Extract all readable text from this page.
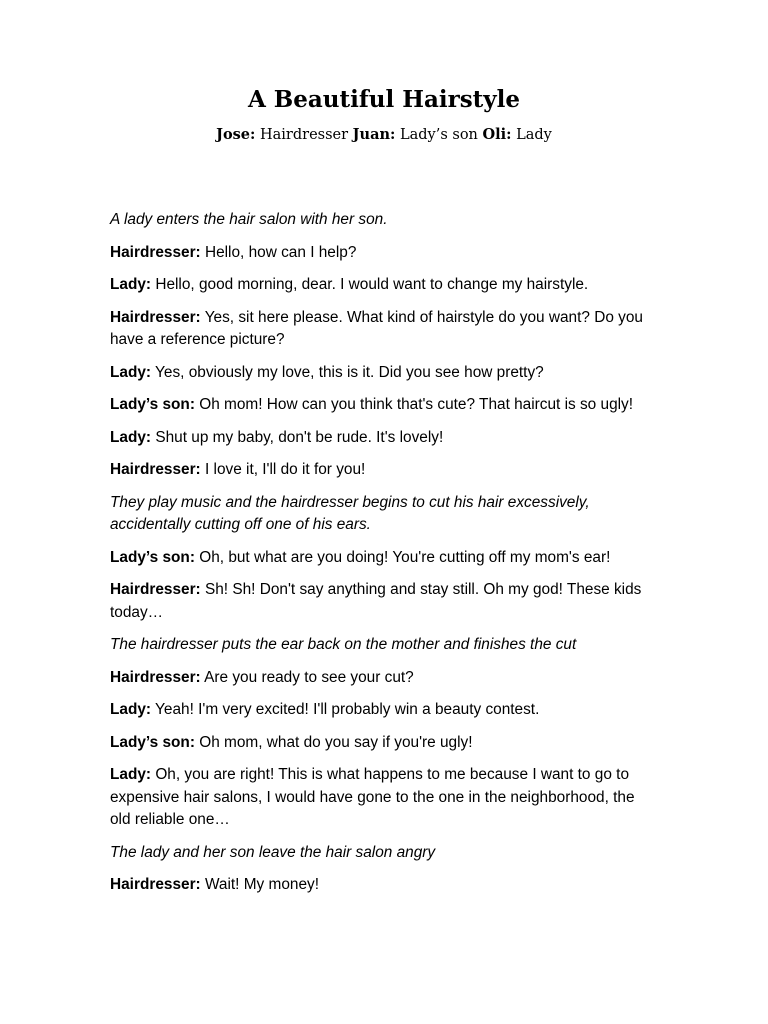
A Beautiful Hairstyle
Jose: Hairdresser Juan: Lady’s son Oli: Lady
A lady enters the hair salon with her son.
Hairdresser: Hello, how can I help?
Lady: Hello, good morning, dear. I would want to change my hairstyle.
Hairdresser: Yes, sit here please. What kind of hairstyle do you want? Do you have a reference picture?
Lady: Yes, obviously my love, this is it. Did you see how pretty?
Lady’s son: Oh mom! How can you think that's cute? That haircut is so ugly!
Lady: Shut up my baby, don't be rude. It's lovely!
Hairdresser: I love it, I'll do it for you!
They play music and the hairdresser begins to cut his hair excessively, accidentally cutting off one of his ears.
Lady’s son: Oh, but what are you doing! You're cutting off my mom's ear!
Hairdresser: Sh! Sh! Don't say anything and stay still. Oh my god! These kids today…
The hairdresser puts the ear back on the mother and finishes the cut
Hairdresser: Are you ready to see your cut?
Lady: Yeah! I'm very excited! I'll probably win a beauty contest.
Lady’s son: Oh mom, what do you say if you're ugly!
Lady: Oh, you are right! This is what happens to me because I want to go to expensive hair salons, I would have gone to the one in the neighborhood, the old reliable one…
The lady and her son leave the hair salon angry
Hairdresser: Wait! My money!
